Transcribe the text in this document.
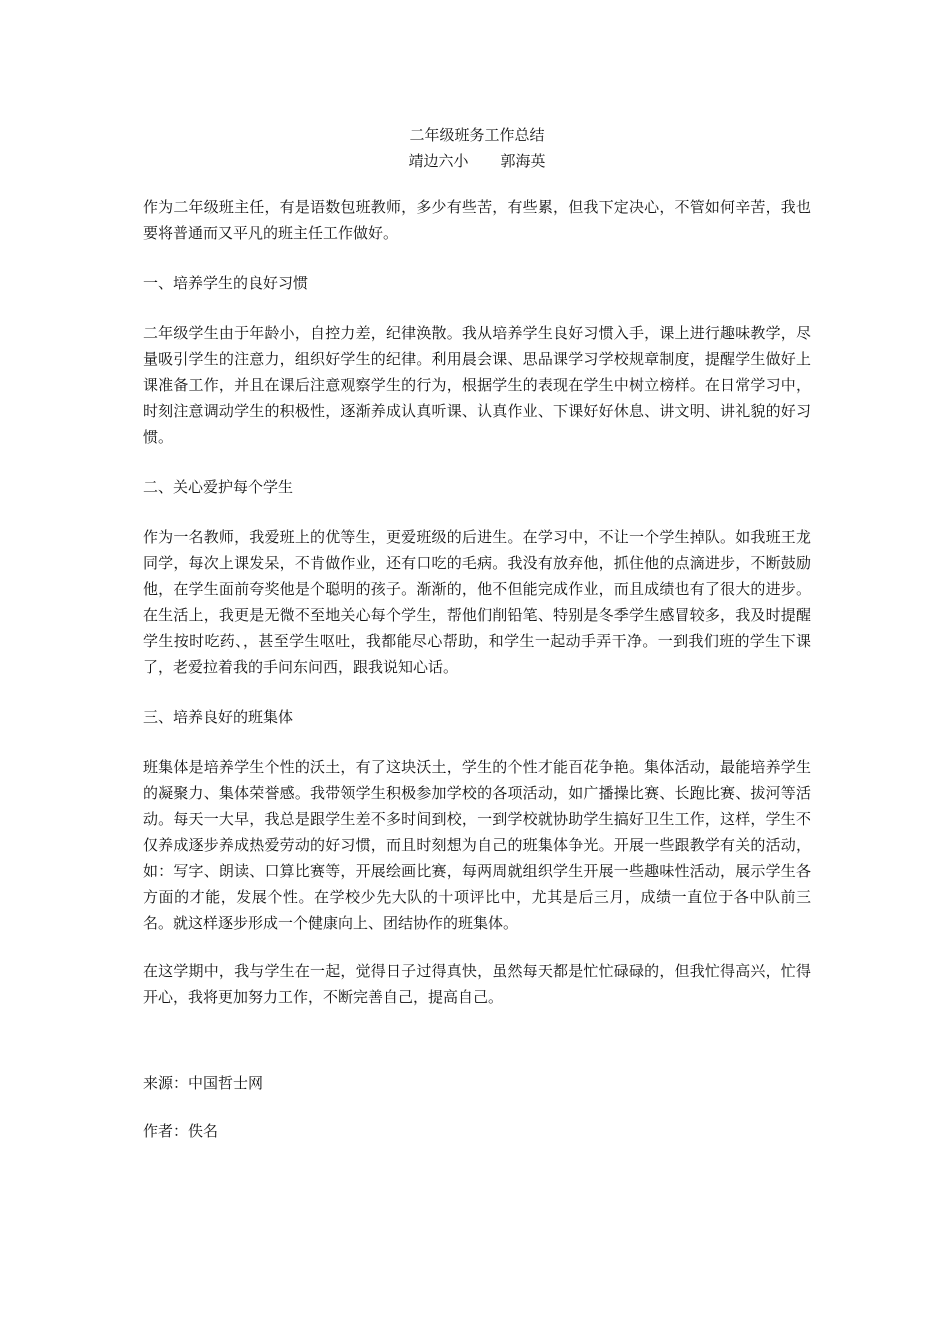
二年级班务工作总结
靖边六小 郭海英

作为二年级班主任，有是语数包班教师，多少有些苦，有些累，但我下定决心，不管如何辛苦，我也要将普通而又平凡的班主任工作做好。

一、培养学生的良好习惯

二年级学生由于年龄小，自控力差，纪律涣散。我从培养学生良好习惯入手，课上进行趣味教学，尽量吸引学生的注意力，组织好学生的纪律。利用晨会课、思品课学习学校规章制度，提醒学生做好上课准备工作，并且在课后注意观察学生的行为，根据学生的表现在学生中树立榜样。在日常学习中，时刻注意调动学生的积极性，逐渐养成认真听课、认真作业、下课好好休息、讲文明、讲礼貌的好习惯。

二、关心爱护每个学生

作为一名教师，我爱班上的优等生，更爱班级的后进生。在学习中，不让一个学生掉队。如我班王龙同学，每次上课发呆，不肯做作业，还有口吃的毛病。我没有放弃他，抓住他的点滴进步，不断鼓励他，在学生面前夸奖他是个聪明的孩子。渐渐的，他不但能完成作业，而且成绩也有了很大的进步。在生活上，我更是无微不至地关心每个学生，帮他们削铅笔、特别是冬季学生感冒较多，我及时提醒学生按时吃药、，甚至学生呕吐，我都能尽心帮助，和学生一起动手弄干净。一到我们班的学生下课了，老爱拉着我的手问东问西，跟我说知心话。

三、培养良好的班集体

班集体是培养学生个性的沃土，有了这块沃土，学生的个性才能百花争艳。集体活动，最能培养学生的凝聚力、集体荣誉感。我带领学生积极参加学校的各项活动，如广播操比赛、长跑比赛、拔河等活动。每天一大早，我总是跟学生差不多时间到校，一到学校就协助学生搞好卫生工作，这样，学生不仅养成逐步养成热爱劳动的好习惯，而且时刻想为自己的班集体争光。开展一些跟教学有关的活动，如：写字、朗读、口算比赛等，开展绘画比赛，每两周就组织学生开展一些趣味性活动，展示学生各方面的才能，发展个性。在学校少先大队的十项评比中，尤其是后三月，成绩一直位于各中队前三名。就这样逐步形成一个健康向上、团结协作的班集体。

在这学期中，我与学生在一起，觉得日子过得真快，虽然每天都是忙忙碌碌的，但我忙得高兴，忙得开心，我将更加努力工作，不断完善自己，提高自己。

来源：中国哲士网

作者：佚名
